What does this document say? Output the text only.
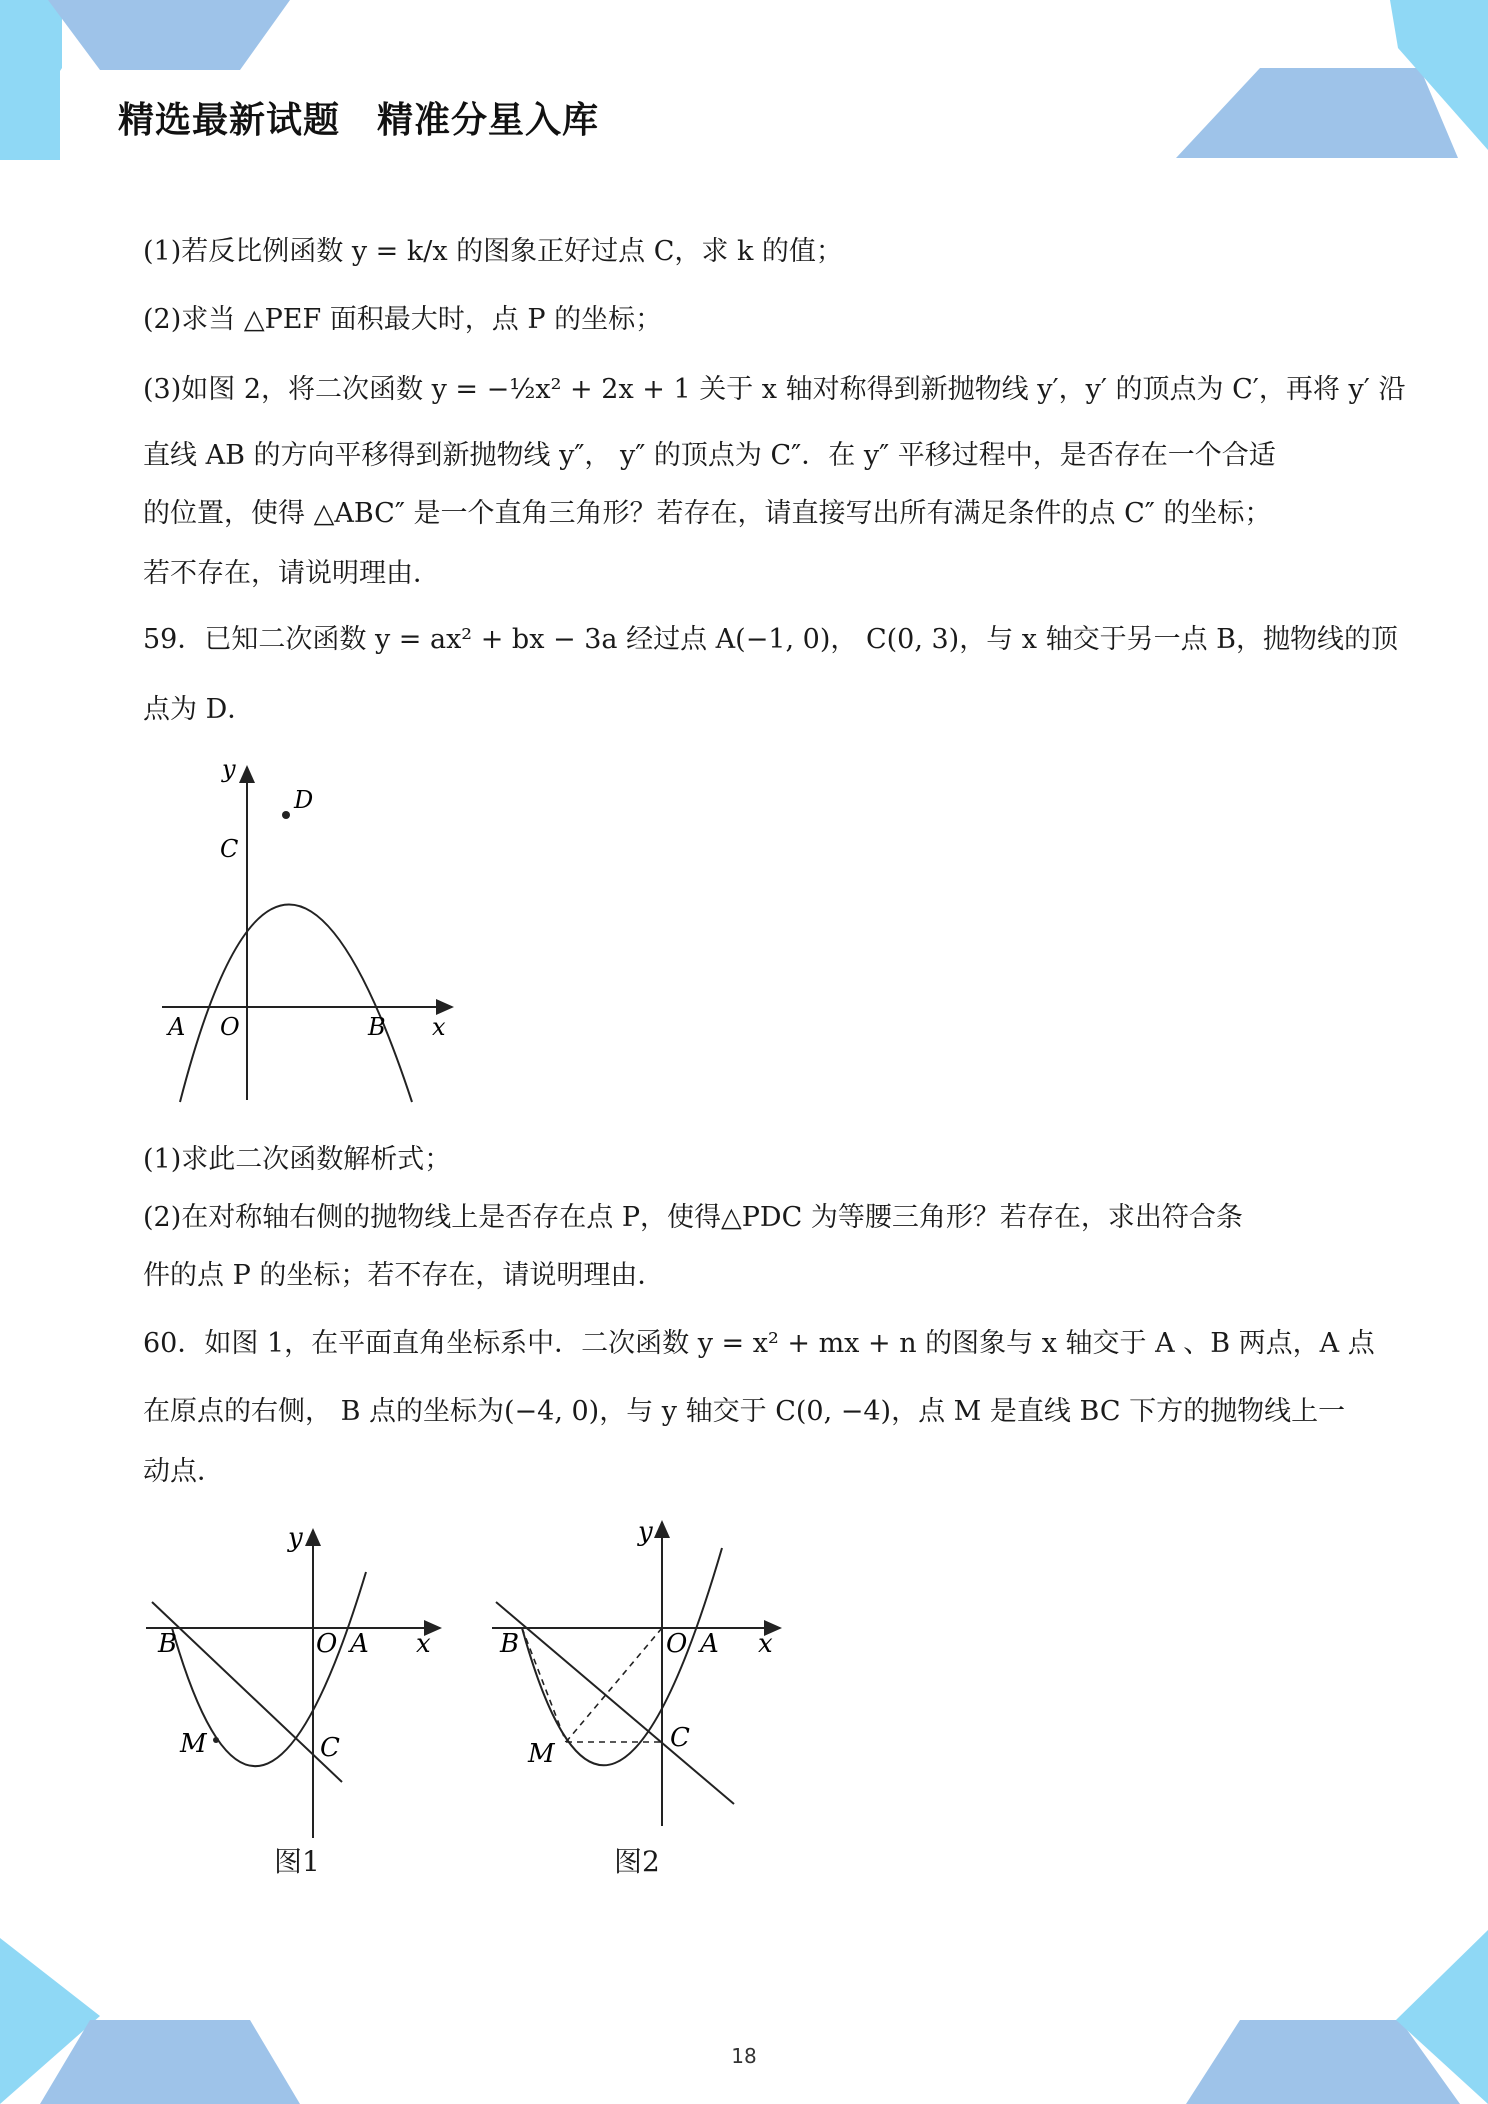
精选最新试题　精准分星入库
(1)若反比例函数 y = k/x 的图象正好过点 C，求 k 的值；
(2)求当 △PEF 面积最大时，点 P 的坐标；
(3)如图 2，将二次函数 y = −½x² + 2x + 1 关于 x 轴对称得到新抛物线 y′，y′ 的顶点为 C′，再将 y′ 沿
直线 AB 的方向平移得到新抛物线 y″， y″ 的顶点为 C″．在 y″ 平移过程中，是否存在一个合适
的位置，使得 △ABC″ 是一个直角三角形？若存在，请直接写出所有满足条件的点 C″ 的坐标；
若不存在，请说明理由．
59．已知二次函数 y = ax² + bx − 3a 经过点 A(−1, 0)， C(0, 3)，与 x 轴交于另一点 B，抛物线的顶
点为 D．
y
D
C
A O	B x
(1)求此二次函数解析式；
(2)在对称轴右侧的抛物线上是否存在点 P，使得△PDC 为等腰三角形？若存在，求出符合条
件的点 P 的坐标；若不存在，请说明理由．
60．如图 1，在平面直角坐标系中．二次函数 y = x² + mx + n 的图象与 x 轴交于 A 、B 两点，A 点
在原点的右侧， B 点的坐标为(−4, 0)，与 y 轴交于 C(0, −4)，点 M 是直线 BC 下方的抛物线上一
动点．
y
B	O A x
M	C
图1
y
B	O A x
M
C
图2
18
